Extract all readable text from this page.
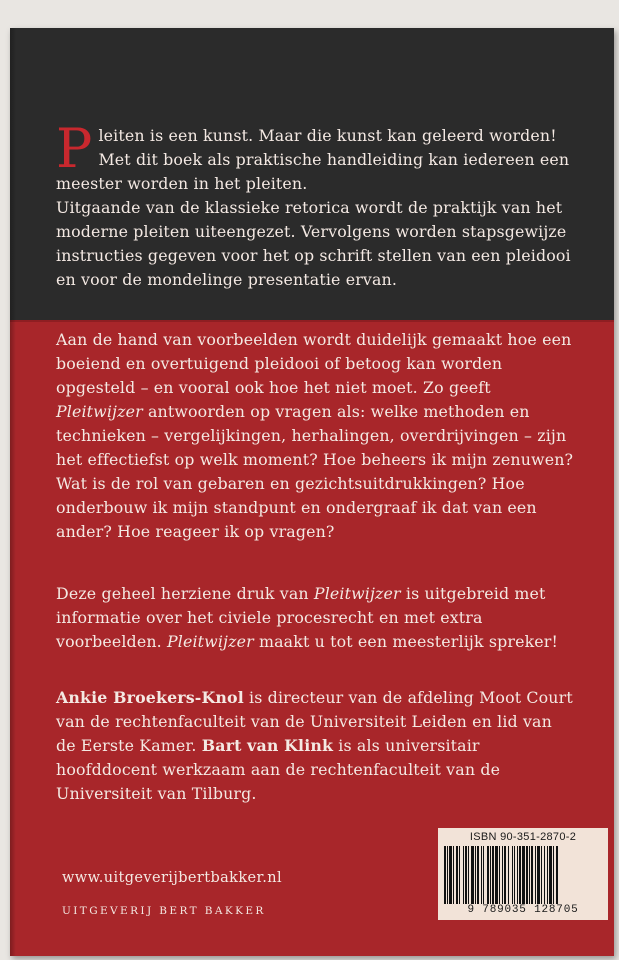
Pleiten is een kunst. Maar die kunst kan geleerd worden! Met dit boek als praktische handleiding kan iedereen een meester worden in het pleiten.

Uitgaande van de klassieke retorica wordt de praktijk van het moderne pleiten uiteengezet. Vervolgens worden stapsgewijze instructies gegeven voor het op schrift stellen van een pleidooi en voor de mondelinge presentatie ervan.

Aan de hand van voorbeelden wordt duidelijk gemaakt hoe een boeiend en overtuigend pleidooi of betoog kan worden opgesteld – en vooral ook hoe het niet moet. Zo geeft Pleitwijzer antwoorden op vragen als: welke methoden en technieken – vergelijkingen, herhalingen, overdrijvingen – zijn het effectiefst op welk moment? Hoe beheers ik mijn zenuwen? Wat is de rol van gebaren en gezichtsuitdrukkingen? Hoe onderbouw ik mijn standpunt en ondergraaf ik dat van een ander? Hoe reageer ik op vragen?

Deze geheel herziene druk van Pleitwijzer is uitgebreid met informatie over het civiele procesrecht en met extra voorbeelden. Pleitwijzer maakt u tot een meesterlijk spreker!

Ankie Broekers-Knol is directeur van de afdeling Moot Court van de rechtenfaculteit van de Universiteit Leiden en lid van de Eerste Kamer. Bart van Klink is als universitair hoofddocent werkzaam aan de rechtenfaculteit van de Universiteit van Tilburg.

www.uitgeverijbertbakker.nl
UITGEVERIJ BERT BAKKER
ISBN 90-351-2870-2
9 789035 128705
